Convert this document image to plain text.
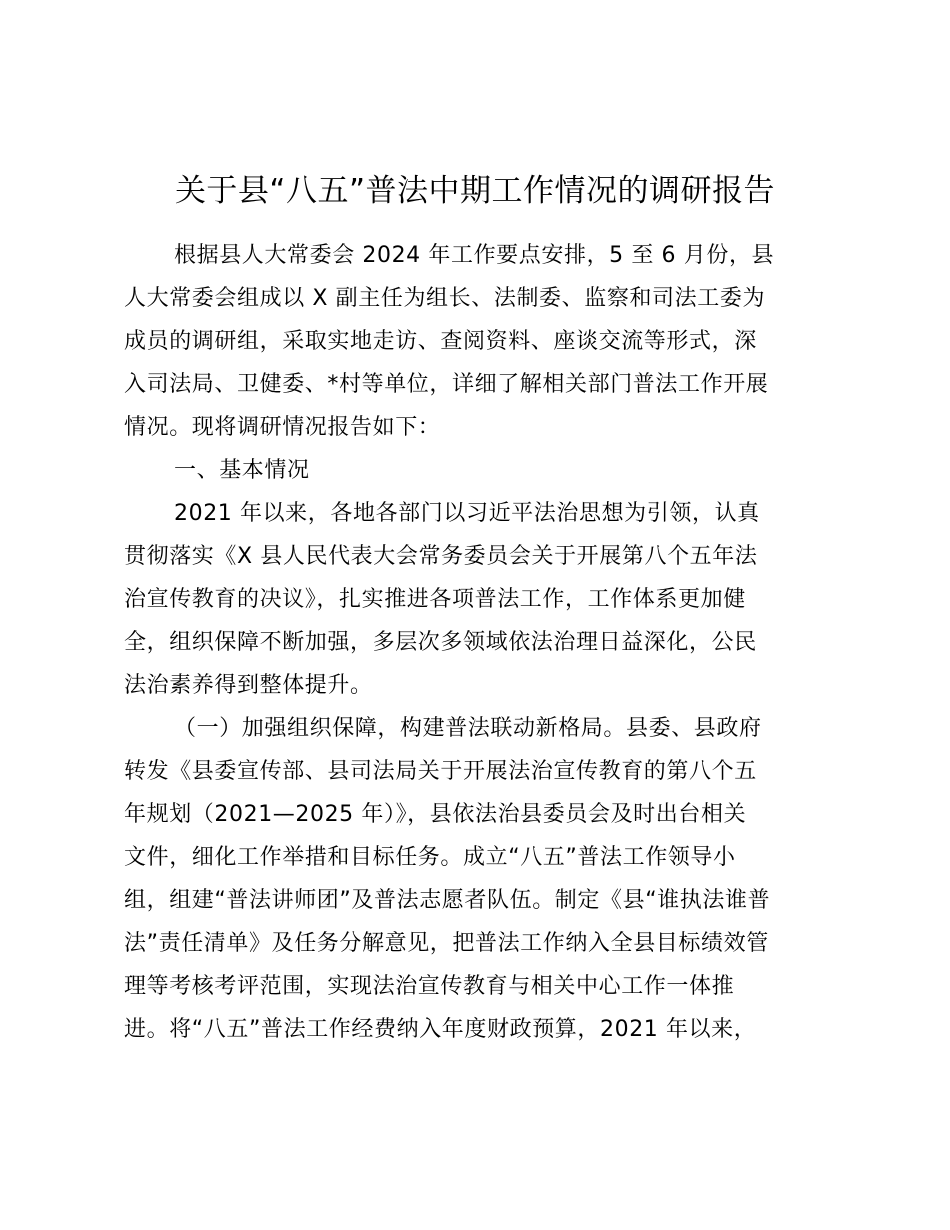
关于县“八五”普法中期工作情况的调研报告
根据县人大常委会 2024 年工作要点安排，5 至 6 月份，县
人大常委会组成以 X 副主任为组长、法制委、监察和司法工委为
成员的调研组，采取实地走访、查阅资料、座谈交流等形式，深
入司法局、卫健委、*村等单位，详细了解相关部门普法工作开展
情况。现将调研情况报告如下：
一、基本情况
2021 年以来，各地各部门以习近平法治思想为引领，认真
贯彻落实《X 县人民代表大会常务委员会关于开展第八个五年法
治宣传教育的决议》，扎实推进各项普法工作，工作体系更加健
全，组织保障不断加强，多层次多领域依法治理日益深化，公民
法治素养得到整体提升。
（一）加强组织保障，构建普法联动新格局。县委、县政府
转发《县委宣传部、县司法局关于开展法治宣传教育的第八个五
年规划（2021—2025 年）》，县依法治县委员会及时出台相关
文件，细化工作举措和目标任务。成立“八五”普法工作领导小
组，组建“普法讲师团”及普法志愿者队伍。制定《县“谁执法谁普
法”责任清单》及任务分解意见，把普法工作纳入全县目标绩效管
理等考核考评范围，实现法治宣传教育与相关中心工作一体推
进。将“八五”普法工作经费纳入年度财政预算，2021 年以来，
